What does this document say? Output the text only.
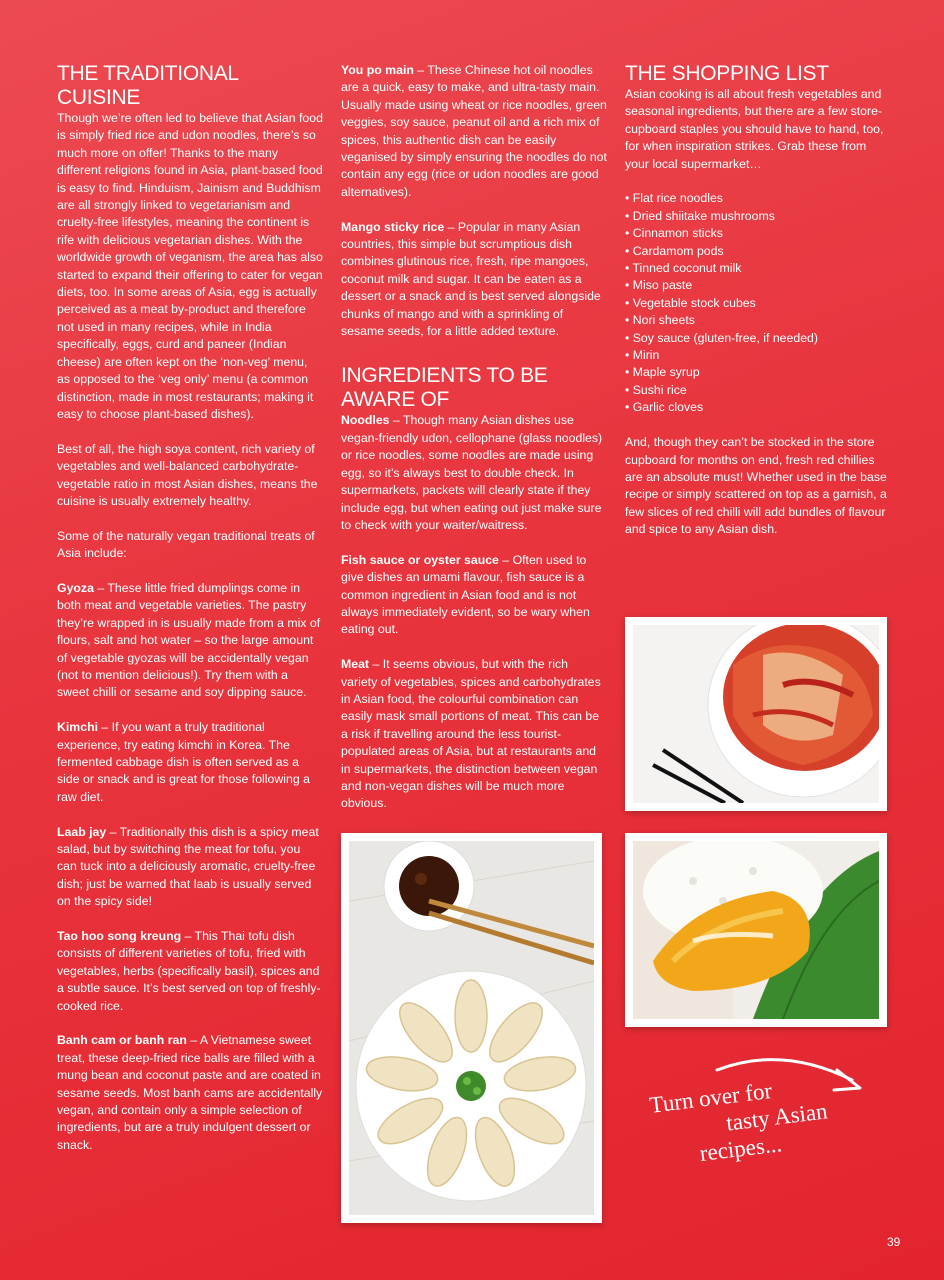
THE TRADITIONAL CUISINE

Though we’re often led to believe that Asian food is simply fried rice and udon noodles, there’s so much more on offer! Thanks to the many different religions found in Asia, plant-based food is easy to find. Hinduism, Jainism and Buddhism are all strongly linked to vegetarianism and cruelty-free lifestyles, meaning the continent is rife with delicious vegetarian dishes. With the worldwide growth of veganism, the area has also started to expand their offering to cater for vegan diets, too. In some areas of Asia, egg is actually perceived as a meat by-product and therefore not used in many recipes, while in India specifically, eggs, curd and paneer (Indian cheese) are often kept on the ‘non-veg’ menu, as opposed to the ‘veg only’ menu (a common distinction, made in most restaurants; making it easy to choose plant-based dishes).

Best of all, the high soya content, rich variety of vegetables and well-balanced carbohydrate-vegetable ratio in most Asian dishes, means the cuisine is usually extremely healthy.

Some of the naturally vegan traditional treats of Asia include:

Gyoza – These little fried dumplings come in both meat and vegetable varieties. The pastry they’re wrapped in is usually made from a mix of flours, salt and hot water – so the large amount of vegetable gyozas will be accidentally vegan (not to mention delicious!). Try them with a sweet chilli or sesame and soy dipping sauce.

Kimchi – If you want a truly traditional experience, try eating kimchi in Korea. The fermented cabbage dish is often served as a side or snack and is great for those following a raw diet.

Laab jay – Traditionally this dish is a spicy meat salad, but by switching the meat for tofu, you can tuck into a deliciously aromatic, cruelty-free dish; just be warned that laab is usually served on the spicy side!

Tao hoo song kreung – This Thai tofu dish consists of different varieties of tofu, fried with vegetables, herbs (specifically basil), spices and a subtle sauce. It’s best served on top of freshly-cooked rice.

Banh cam or banh ran – A Vietnamese sweet treat, these deep-fried rice balls are filled with a mung bean and coconut paste and are coated in sesame seeds. Most banh cams are accidentally vegan, and contain only a simple selection of ingredients, but are a truly indulgent dessert or snack.

You po main – These Chinese hot oil noodles are a quick, easy to make, and ultra-tasty main. Usually made using wheat or rice noodles, green veggies, soy sauce, peanut oil and a rich mix of spices, this authentic dish can be easily veganised by simply ensuring the noodles do not contain any egg (rice or udon noodles are good alternatives).

Mango sticky rice – Popular in many Asian countries, this simple but scrumptious dish combines glutinous rice, fresh, ripe mangoes, coconut milk and sugar. It can be eaten as a dessert or a snack and is best served alongside chunks of mango and with a sprinkling of sesame seeds, for a little added texture.

INGREDIENTS TO BE AWARE OF

Noodles – Though many Asian dishes use vegan-friendly udon, cellophane (glass noodles) or rice noodles, some noodles are made using egg, so it’s always best to double check. In supermarkets, packets will clearly state if they include egg, but when eating out just make sure to check with your waiter/waitress.

Fish sauce or oyster sauce – Often used to give dishes an umami flavour, fish sauce is a common ingredient in Asian food and is not always immediately evident, so be wary when eating out.

Meat – It seems obvious, but with the rich variety of vegetables, spices and carbohydrates in Asian food, the colourful combination can easily mask small portions of meat. This can be a risk if travelling around the less tourist-populated areas of Asia, but at restaurants and in supermarkets, the distinction between vegan and non-vegan dishes will be much more obvious.

THE SHOPPING LIST

Asian cooking is all about fresh vegetables and seasonal ingredients, but there are a few store-cupboard staples you should have to hand, too, for when inspiration strikes. Grab these from your local supermarket…

• Flat rice noodles
• Dried shiitake mushrooms
• Cinnamon sticks
• Cardamom pods
• Tinned coconut milk
• Miso paste
• Vegetable stock cubes
• Nori sheets
• Soy sauce (gluten-free, if needed)
• Mirin
• Maple syrup
• Sushi rice
• Garlic cloves

And, though they can’t be stocked in the store cupboard for months on end, fresh red chillies are an absolute must! Whether used in the base recipe or simply scattered on top as a garnish, a few slices of red chilli will add bundles of flavour and spice to any Asian dish.

Turn over for
tasty Asian
recipes...
39
